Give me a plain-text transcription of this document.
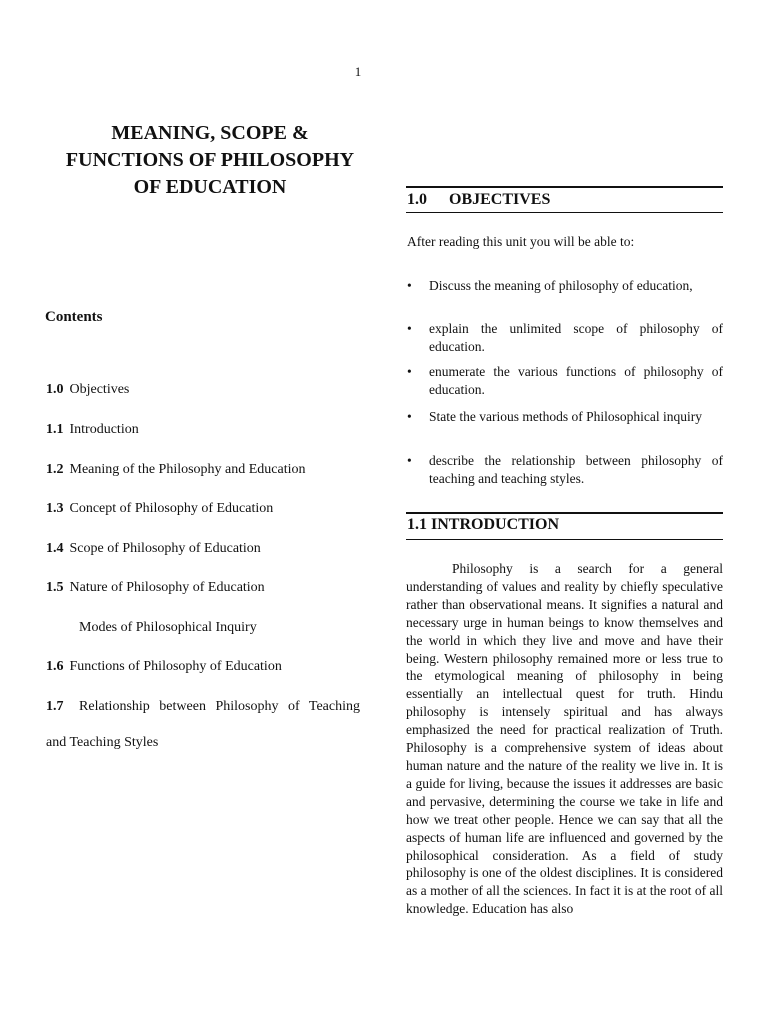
1
MEANING, SCOPE & FUNCTIONS OF PHILOSOPHY OF EDUCATION
Contents
1.0 Objectives
1.1 Introduction
1.2 Meaning of the Philosophy and Education
1.3 Concept of Philosophy of Education
1.4 Scope of Philosophy of Education
1.5 Nature of Philosophy of Education
Modes of Philosophical Inquiry
1.6 Functions of Philosophy of Education
1.7 Relationship between Philosophy of Teaching
and Teaching Styles
1.0 OBJECTIVES
After reading this unit you will be able to:
• Discuss the meaning of philosophy of education,
• explain the unlimited scope of philosophy of education.
• enumerate the various functions of philosophy of education.
•	State the various methods of Philosophical inquiry
• describe the relationship between philosophy of teaching and teaching styles.
1.1 INTRODUCTION

Philosophy is a search for a general understanding of values and reality by chiefly speculative rather than observational means. It signifies a natural and necessary urge in human beings to know themselves and the world in which they live and move and have their being. Western philosophy remained more or less true to the etymological meaning of philosophy in being essentially an intellectual quest for truth. Hindu philosophy is intensely spiritual and has always emphasized the need for practical realization of Truth. Philosophy is a comprehensive system of ideas about human nature and the nature of the reality we live in. It is a guide for living, because the issues it addresses are basic and pervasive, determining the course we take in life and how we treat other people. Hence we can say that all the aspects of human life are influenced and governed by the philosophical consideration. As a field of study philosophy is one of the oldest disciplines. It is considered as a mother of all the sciences. In fact it is at the root of all knowledge. Education has also
